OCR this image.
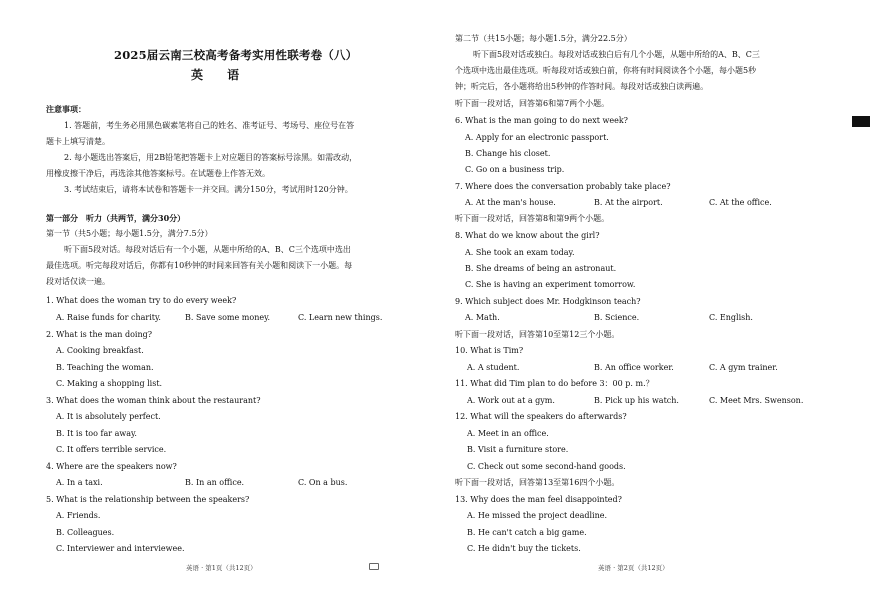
2025届云南三校高考备考实用性联考卷（八）
英 语
注意事项：
1. 答题前，考生务必用黑色碳素笔将自己的姓名、准考证号、考场号、座位号在答
题卡上填写清楚。
2. 每小题选出答案后，用2B铅笔把答题卡上对应题目的答案标号涂黑。如需改动，
用橡皮擦干净后，再选涂其他答案标号。在试题卷上作答无效。
3. 考试结束后，请将本试卷和答题卡一并交回。满分150分，考试用时120分钟。
第一部分　听力（共两节，满分30分）
第一节（共5小题；每小题1.5分，满分7.5分）
听下面5段对话。每段对话后有一个小题，从题中所给的A、B、C三个选项中选出
最佳选项。听完每段对话后，你都有10秒钟的时间来回答有关小题和阅读下一小题。每
段对话仅读一遍。
1. What does the woman try to do every week?
A. Raise funds for charity.	B. Save some money.	C. Learn new things.
2. What is the man doing?
A. Cooking breakfast.
B. Teaching the woman.
C. Making a shopping list.
3. What does the woman think about the restaurant?
A. It is absolutely perfect.
B. It is too far away.
C. It offers terrible service.
4. Where are the speakers now?
A. In a taxi.	B. In an office.	C. On a bus.
5. What is the relationship between the speakers?
A. Friends.
B. Colleagues.
C. Interviewer and interviewee.
英语 · 第1页（共12页）
第二节（共15小题；每小题1.5分，满分22.5分）
听下面5段对话或独白。每段对话或独白后有几个小题，从题中所给的A、B、C三
个选项中选出最佳选项。听每段对话或独白前，你将有时间阅读各个小题，每小题5秒
钟；听完后，各小题将给出5秒钟的作答时间。每段对话或独白读两遍。
听下面一段对话，回答第6和第7两个小题。
6. What is the man going to do next week?
A. Apply for an electronic passport.
B. Change his closet.
C. Go on a business trip.
7. Where does the conversation probably take place?
A. At the man's house.	B. At the airport.	C. At the office.
听下面一段对话，回答第8和第9两个小题。
8. What do we know about the girl?
A. She took an exam today.
B. She dreams of being an astronaut.
C. She is having an experiment tomorrow.
9. Which subject does Mr. Hodgkinson teach?
A. Math.	B. Science.	C. English.
听下面一段对话，回答第10至第12三个小题。
10. What is Tim?
A. A student.	B. An office worker.	C. A gym trainer.
11. What did Tim plan to do before 3：00 p. m.？
A. Work out at a gym.	B. Pick up his watch.	C. Meet Mrs. Swenson.
12. What will the speakers do afterwards?
A. Meet in an office.
B. Visit a furniture store.
C. Check out some second-hand goods.
听下面一段对话，回答第13至第16四个小题。
13. Why does the man feel disappointed?
A. He missed the project deadline.
B. He can't catch a big game.
C. He didn't buy the tickets.
英语 · 第2页（共12页）
